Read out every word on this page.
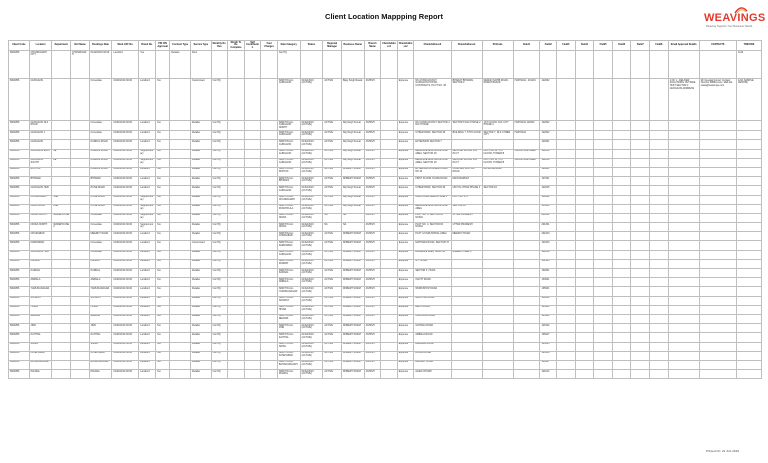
Client Location Mappping Report	WEAVINGS
Weaving Together Your Business Needs
Client Code	Location	Department	Unit Name	Bookings Date	Work LRF No.	Brand No.	PIS CIN Approval	Contract Type	Service Type	Monthly Rs. Rev	Month To Be Complete	Self Contribution	Fuel Charges	Date Category	Status	Regional Manager	Business Owner	Branch Name	ClientAddress1	ClientAddress2	ClientAddress3	ClientAddress4	PinCode	Field1	Field2	Field3	Field4	Field5	Field6	Field7	Field8	Email Approval Details	CONTACTS	TINCODE
8004856	CHANDIGARH CITY		CHANDIGARH	01/02/2019 00:00	Landlord	Yes		Retailer	Rent					Cat HQ																				1214
8004856	GURGAON			Immediate	01/02/2019 00:00	Landlord	Yes		Customised	Cat HQ				SWIFTIN ALI-GURGAON	01/02/2019 (ACTIVE)	ACTIVE	Bijay Singh Rawat	ASHISH		Expense	NS CONSULTANCY GURGAON POSTAL CONTRACTS, PLOT NO. 48	BHARAT BHAWAN, SECTOR 2	DEWAN SAHIB ROAD, RAWAT BAZAR	HARYANA - 201101	122002							1 OF 1 - DELIVER FOLLOWING OUTSIDE TEST SECTOR 2 GURGAON ADDRESS	Mr. Deepak Kumar; Contact Number 9888xxxxxx; Mail-Ids: rawat@weavings.com	1214 SAMPLE CENTRE
8004856	GURGAON DLF ROAD			Immediate	01/02/2019 00:00	Landlord	Yes		Retailer	Cat HQ				SWIFTIN ALI-GURGAON NORTH	01/02/2019 (ACTIVE)	ACTIVE	Raj Singh Kumar	ASHISH		Expense	NS CONSULTANCY SECTOR 4 DLF PHASE	SECTOR 8 DLF PHASE 2	1ST FLOOR, DLF CITY PHASE 2	HARYANA 122002	122002									
8004856	GURGAON 1			Immediate	01/02/2019 00:00	Landlord	Yes		Retailer	Cat HQ				SWIFTIN ALI-GURGAON	01/02/2019 (ACTIVE)	ACTIVE	Raj Singh Kumar	ASHISH		Expense	CYBER PARK, SECTOR 39	BUILDING 7, 5TH FLOOR	SECTOR 7, DLF CYBER CITY	HARYANA	122002									
8004856	GURGAON			KARNAL ROAD	01/02/2019 00:00	Landlord	Yes		Retailer	Cat HQ				SWIFTIN ALI-GURGAON	01/02/2019 (ACTIVE)	ACTIVE	Raj Singh Kumar	ASHISH		Expense	EXTENSION SECTOR 7				122001									
8004856	GURGAON EAST	1E		KARNAL ROAD	01/02/2019 00:00	Supplementary	Yes		Retailer	Cat HQ				SWIFTIN ALI-GURGAON	01/02/2019 (ACTIVE)	ACTIVE	Raj Singh Kumar	ASHISH		Expense	RELIANCE ALAI INDUSTRIAL AREA, SECTOR 18	GROUND FLOOR 133, PLOT	PLOT NO 11, 5TH FLOOR, TOWER B	INDUSTRIAL AREA	122016									
8004856	GURGAON SOUTH	2E		KARNAL ROAD	01/02/2019 00:00	Supplementary	Yes		Retailer	Cat HQ				SWIFTIN ALI-GURGAON	01/02/2019 (ACTIVE)	ACTIVE	Raj Singh Kumar	ASHISH		Expense	RELIANCE ALAI INDUSTRIAL AREA, SECTOR 18	GROUND FLOOR 133, PLOT	PLOT NO 11, 5TH FLOOR, TOWER B	INDUSTRIAL AREA	122016									
8004856	ROHTAK			KARNAL ROAD	01/02/2019 00:00	Landlord	Yes		Retailer	Cat HQ				SWIFTIN ALI-ROHTAK	01/02/2019 (ACTIVE)	ACTIVE	ROBERT SINGH	ASHISH		Expense	EXTERNAL BUSINESS PARK, NH 10	COMPLEX ROHTAK ROAD	BAHADURGARH		124001									
8004856	BHIWANI			BHIWANI	01/02/2019 00:00	Landlord	Yes		Retailer	Cat HQ				SWIFTIN ALI-BHIWANI	01/02/2019 (ACTIVE)	ACTIVE	ROBERT SINGH	ASHISH		Expense	FIRST FLOOR, HANSI ROAD	MAIN MARKET			127021									
8004856	GURGAON HUB			PUNE ROAD	01/02/2019 00:00	Landlord	Yes		Retailer	Cat HQ				SWIFTIN ALI-GURGAON	01/02/2019 (ACTIVE)	ACTIVE	Raj Singh Kumar	ASHISH		Expense	CYBER PARK, SECTOR 39	UDYOG VIHAR PHASE 4	SECTOR 18		122015									
8004856	CHANDIGARH	1SE		PUNE ROAD	01/02/2019 00:00	Supplementary	Yes		Retailer	Cat HQ				SWIFTIN ALI-CHANDIGARH	01/02/2019 (ACTIVE)	ACTIVE	Raj Singh Kumar	ASHISH		Expense	INDUSTRIAL AREA PHASE 1	PLOT NO 173			160002									
8004856	PANCHKULA	2SE		PUNE ROAD	01/02/2019 00:00	Supplementary	Yes		Retailer	Cat HQ				SWIFTIN ALI-PANCHKULA	01/02/2019 (ACTIVE)	ACTIVE	Raj Singh Kumar	ASHISH		Expense	RELIANCE ALAI INDUSTRIAL AREA	SECTOR 18			134113									
8004856	NOIDA SOUTH	WAREHOUSE		Immediate	01/02/2019 00:00	Supplementary	Yes		Retailer	Cat HQ				SWIFTIN ALI-NOIDA	01/02/2019 (ACTIVE)	NA	NA	ASHISH		Expense	PLOT NO. 4, SECTOR 63 NOIDA	UTTAR PRADESH			201301									
8004856	NOIDA NORTH	WAREHOUSE 2		Immediate	01/02/2019 00:00	Supplementary	Yes		Retailer	Cat HQ				SWIFTIN ALI-NOIDA	01/02/2019 (ACTIVE)	NA	NA	ASHISH		Expense	PLOT NO. 4, SECTOR 63 NOIDA	UTTAR PRADESH			201301									
8004856	GHAZIABAD			MEERUT ROAD	01/02/2019 00:00	Landlord	Yes		Retailer	Cat HQ				SWIFTIN ALI-GHAZIABAD	01/02/2019 (ACTIVE)	ACTIVE	ROBERT SINGH	ASHISH		Expense	PLOT 12 INDUSTRIAL AREA	MEERUT ROAD			201003									
8004856	FARIDABAD			Immediate	01/02/2019 00:00	Landlord	Yes		Customised	Cat HQ				SWIFTIN ALI-FARIDABAD	01/02/2019 (ACTIVE)	ACTIVE	ROBERT SINGH	ASHISH		Expense	MATHURA ROAD, SECTOR 37				121003									
8004856	GURGAON HUB			Immediate	01/02/2019 00:00	Landlord	Yes		Retailer	Cat HQ				SWIFTIN ALI-GURGAON	01/02/2019 (ACTIVE)	ACTIVE	ROBERT SINGH	ASHISH		Expense	Dundahera Road, Sector 20	Bhawan, Phase 3			122016									
8004856	PANIPAT			PANIPAT	01/02/2019 00:00	Landlord	Yes		Retailer	Cat HQ				SWIFTIN ALI-PANIPAT	01/02/2019 (ACTIVE)	ACTIVE	ROBERT SINGH	ASHISH		Expense	G.T. ROAD				132103									
8004856	KARNAL			KARNAL	01/02/2019 00:00	Landlord	Yes		Retailer	Cat HQ				SWIFTIN ALI-KARNAL	01/02/2019 (ACTIVE)	ACTIVE	ROBERT SINGH	ASHISH		Expense	SECTOR 3, HUDA				132001									
8004856	AMBALA			AMBALA	01/02/2019 00:00	Landlord	Yes		Retailer	Cat HQ				SWIFTIN ALI-AMBALA	01/02/2019 (ACTIVE)	ACTIVE	ROBERT SINGH	ASHISH		Expense	CANTT ROAD				133001									
8004856	YAMUNANAGAR			YAMUNANAGAR	01/02/2019 00:00	Landlord	Yes		Retailer	Cat HQ				SWIFTIN ALI-YAMUNANAGAR	01/02/2019 (ACTIVE)	ACTIVE	ROBERT SINGH	ASHISH		Expense	WORKSHOP ROAD				135001									
8004856	SONIPAT			SONIPAT	01/02/2019 00:00	Landlord	Yes		Retailer	Cat HQ				SWIFTIN ALI-SONIPAT	01/02/2019 (ACTIVE)	ACTIVE	ROBERT SINGH	ASHISH		Expense	MURTHAL ROAD				131001									
8004856	HISAR			HISAR	01/02/2019 00:00	Landlord	Yes		Retailer	Cat HQ				SWIFTIN ALI-HISAR	01/02/2019 (ACTIVE)	ACTIVE	ROBERT SINGH	ASHISH		Expense	DELHI ROAD				125001									
8004856	REWARI			REWARI	01/02/2019 00:00	Landlord	Yes		Retailer	Cat HQ				SWIFTIN ALI-REWARI	01/02/2019 (ACTIVE)	ACTIVE	ROBERT SINGH	ASHISH		Expense	CIRCULAR ROAD				123401									
8004856	JIND			JIND	01/02/2019 00:00	Landlord	Yes		Retailer	Cat HQ				SWIFTIN ALI-JIND	01/02/2019 (ACTIVE)	ACTIVE	ROBERT SINGH	ASHISH		Expense	GOHANA ROAD				126102									
8004856	KAITHAL			KAITHAL	01/02/2019 00:00	Landlord	Yes		Retailer	Cat HQ				SWIFTIN ALI-KAITHAL	01/02/2019 (ACTIVE)	ACTIVE	ROBERT SINGH	ASHISH		Expense	AMBALA ROAD				136027									
8004856	SIRSA			SIRSA	01/02/2019 00:00	Landlord	Yes		Retailer	Cat HQ				SWIFTIN ALI-SIRSA	01/02/2019 (ACTIVE)	ACTIVE	ROBERT SINGH	ASHISH		Expense	DABWALI ROAD				125055									
8004856	FATEHABAD			FATEHABAD	01/02/2019 00:00	Landlord	Yes		Retailer	Cat HQ				SWIFTIN ALI-FATEHABAD	01/02/2019 (ACTIVE)	ACTIVE	ROBERT SINGH	ASHISH		Expense	BHUNA ROAD				125050									
8004856	BAHADURGARH			BAHADURGARH	01/02/2019 00:00	Landlord	Yes		Retailer	Cat HQ				SWIFTIN ALI-BAHADURGARH	01/02/2019 (ACTIVE)	ACTIVE	ROBERT SINGH	ASHISH		Expense	RAILWAY ROAD				124507									
8004856	PALWAL			PALWAL	01/02/2019 00:00	Landlord	Yes		Retailer	Cat HQ				SWIFTIN ALI-PALWAL	01/02/2019 (ACTIVE)	ACTIVE	ROBERT SINGH	ASHISH		Expense	AGRA CHOWK				121102									
Printed On: 21 JUL 2019
